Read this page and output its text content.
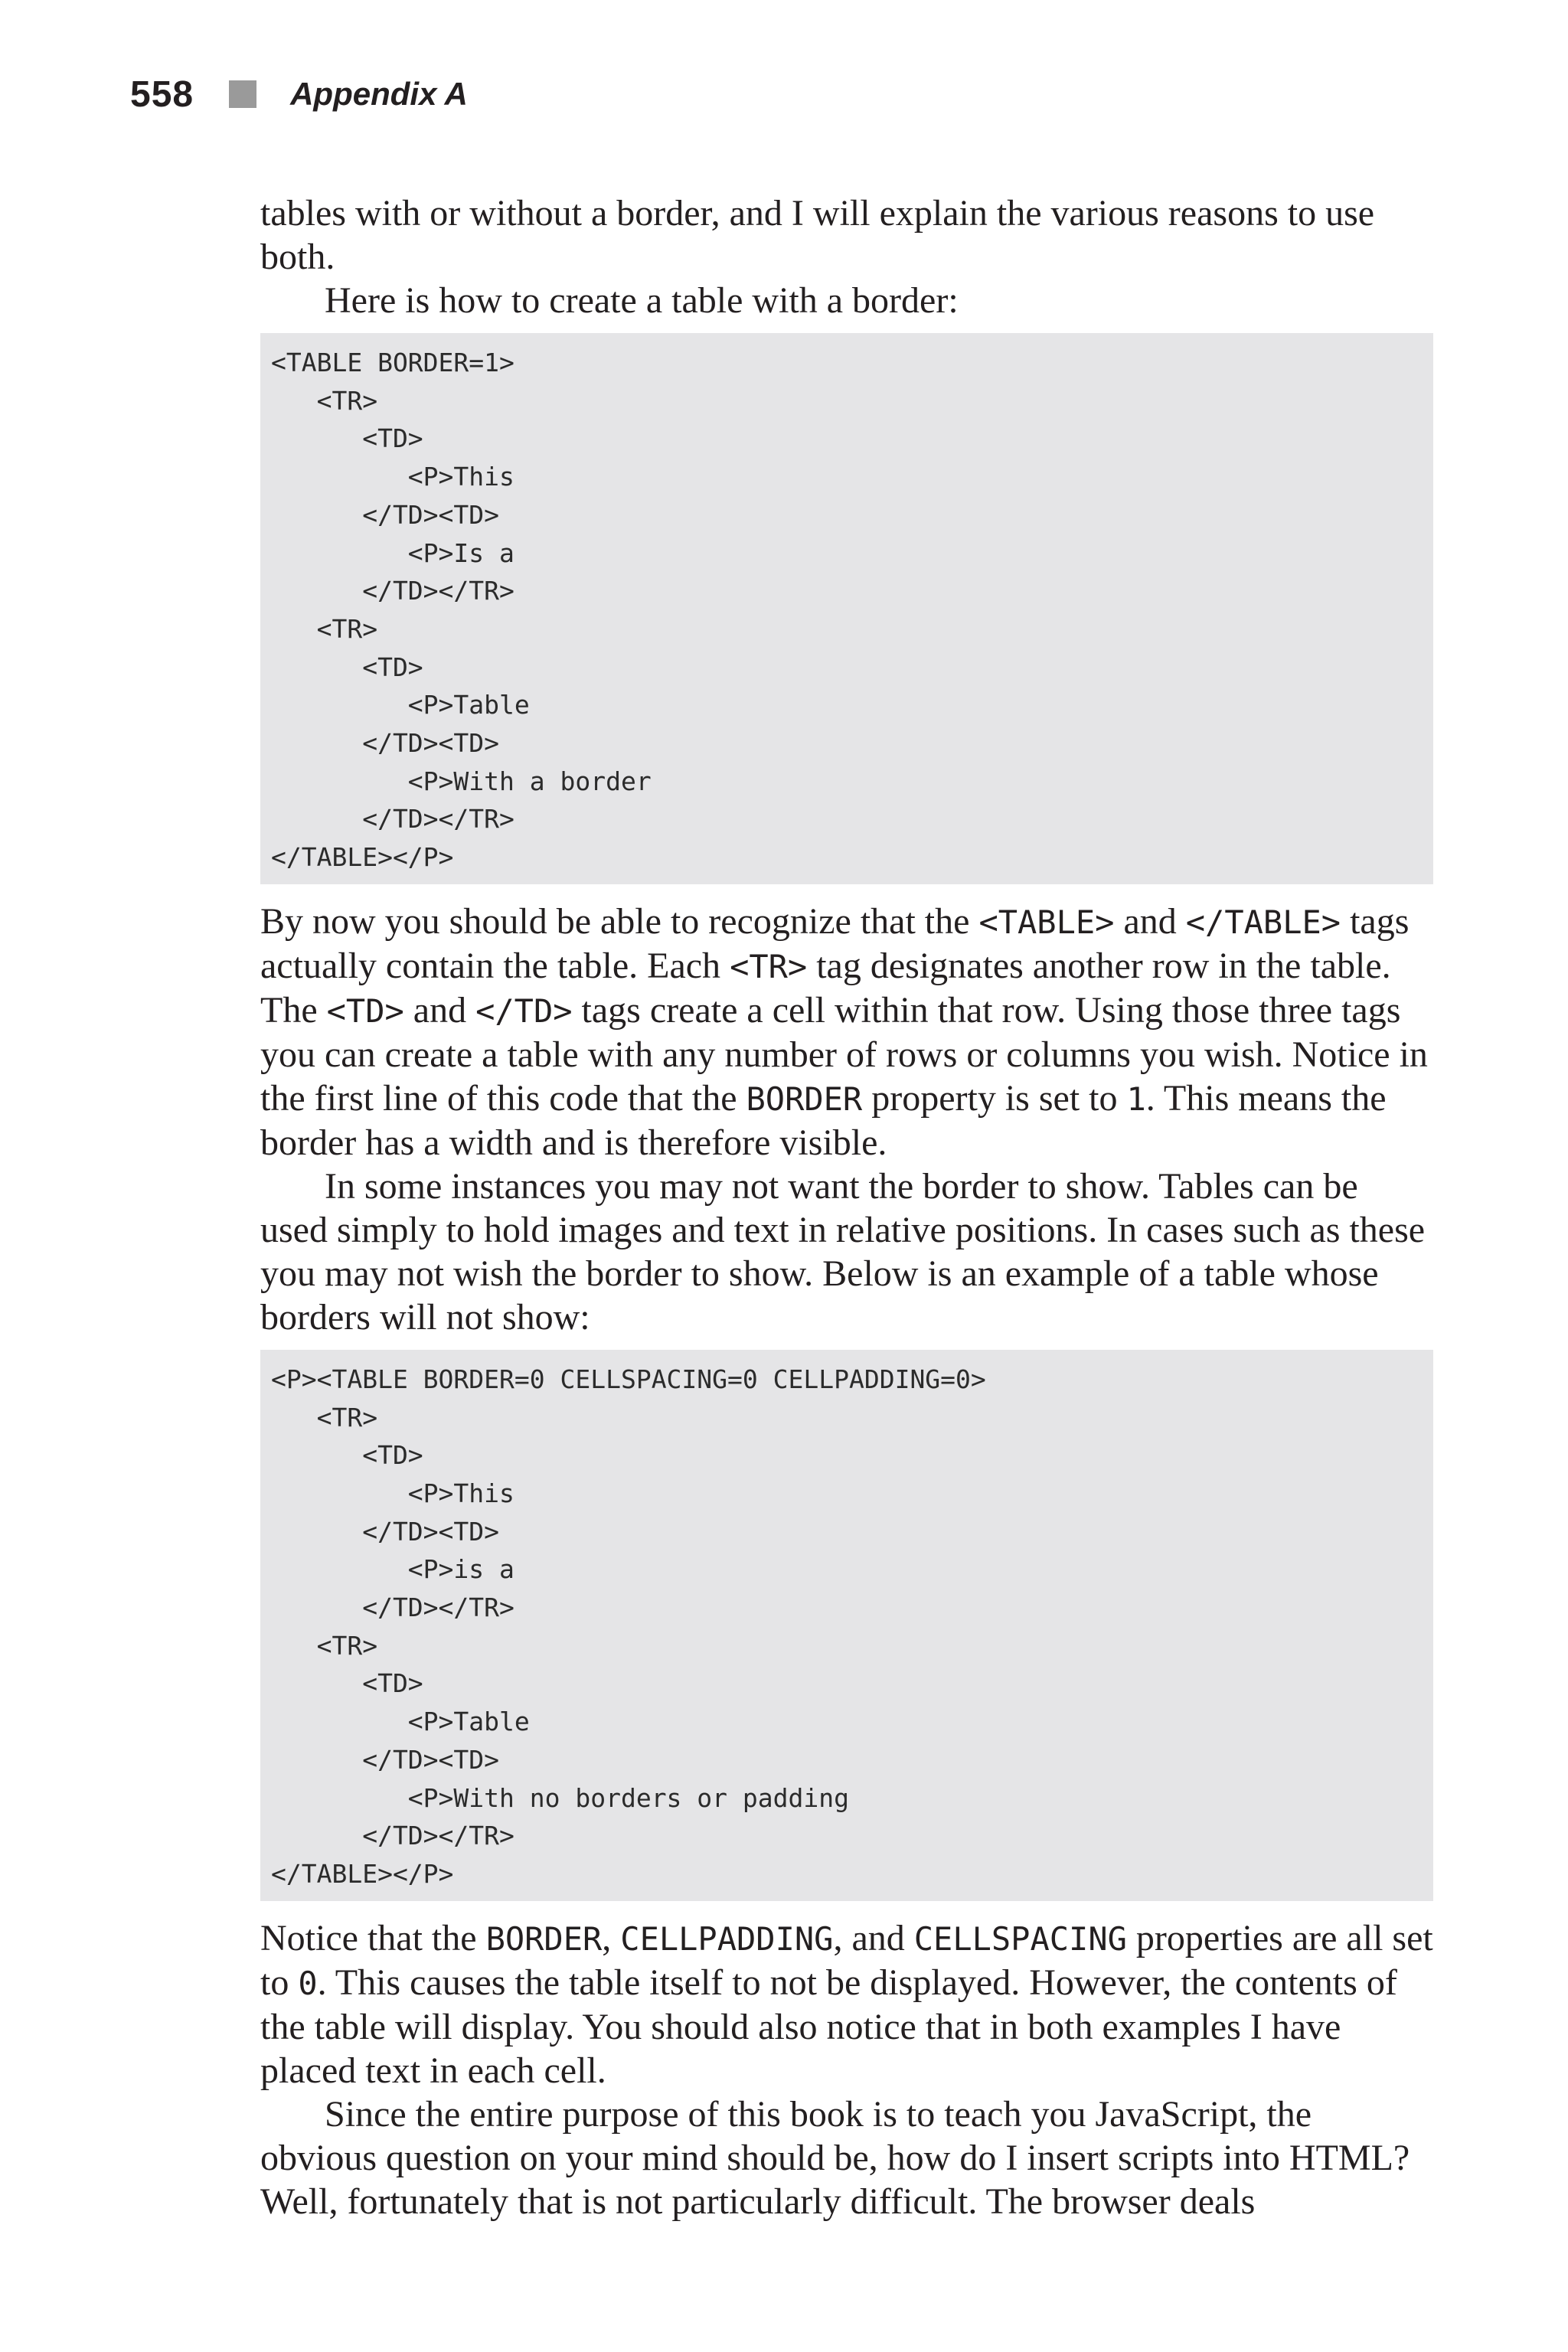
558	Appendix A

tables with or without a border, and I will explain the various reasons to use both.

Here is how to create a table with a border:

<TABLE BORDER=1>
<TR>
<TD>
<P>This
</TD><TD>
<P>Is a
</TD></TR>
<TR>
<TD>
<P>Table
</TD><TD>
<P>With a border
</TD></TR>
</TABLE></P>

By now you should be able to recognize that the <TABLE> and </TABLE> tags actually contain the table. Each <TR> tag designates another row in the table. The <TD> and </TD> tags create a cell within that row. Using those three tags you can create a table with any number of rows or columns you wish. Notice in the first line of this code that the BORDER property is set to 1. This means the border has a width and is therefore visible.

In some instances you may not want the border to show. Tables can be used simply to hold images and text in relative positions. In cases such as these you may not wish the border to show. Below is an example of a table whose borders will not show:

<P><TABLE BORDER=0 CELLSPACING=0 CELLPADDING=0>
<TR>
<TD>
<P>This
</TD><TD>
<P>is a
</TD></TR>
<TR>
<TD>
<P>Table
</TD><TD>
<P>With no borders or padding
</TD></TR>
</TABLE></P>

Notice that the BORDER, CELLPADDING, and CELLSPACING properties are all set to 0. This causes the table itself to not be displayed. However, the contents of the table will display. You should also notice that in both examples I have placed text in each cell.

Since the entire purpose of this book is to teach you JavaScript, the obvious question on your mind should be, how do I insert scripts into HTML? Well, fortunately that is not particularly difficult. The browser deals
